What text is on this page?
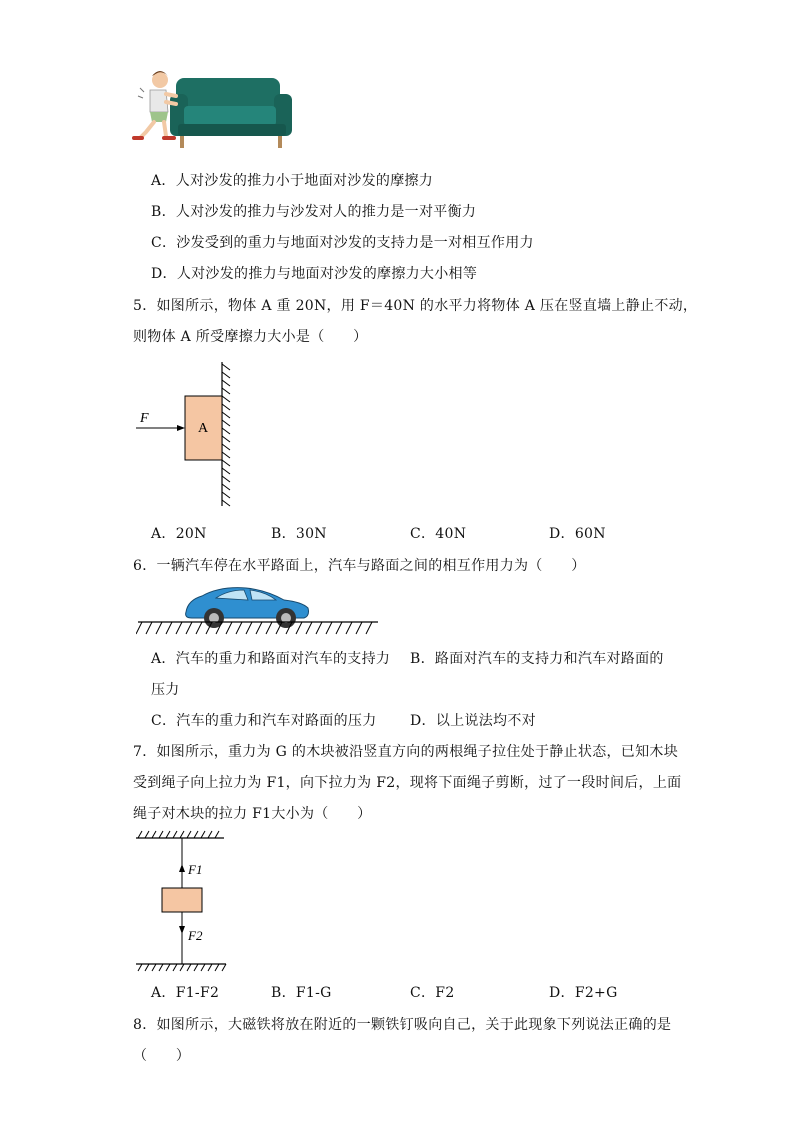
A．人对沙发的推力小于地面对沙发的摩擦力
B．人对沙发的推力与沙发对人的推力是一对平衡力
C．沙发受到的重力与地面对沙发的支持力是一对相互作用力
D．人对沙发的推力与地面对沙发的摩擦力大小相等
5．如图所示，物体 A 重 20N，用 F＝40N 的水平力将物体 A 压在竖直墙上静止不动，
则物体 A 所受摩擦力大小是（　　）
A
F
A．20N	B．30N	C．40N	D．60N
6．一辆汽车停在水平路面上，汽车与路面之间的相互作用力为（　　）
A．汽车的重力和路面对汽车的支持力 B．路面对汽车的支持力和汽车对路面的
压力
C．汽车的重力和汽车对路面的压力 D．以上说法均不对
7．如图所示，重力为 G 的木块被沿竖直方向的两根绳子拉住处于静止状态，已知木块
受到绳子向上拉力为 F1，向下拉力为 F2，现将下面绳子剪断，过了一段时间后，上面
绳子对木块的拉力 F1大小为（　　）
F1
F2
A．F1-F2	B．F1-G	C．F2	D．F2+G
8．如图所示，大磁铁将放在附近的一颗铁钉吸向自己，关于此现象下列说法正确的是
（　　）
